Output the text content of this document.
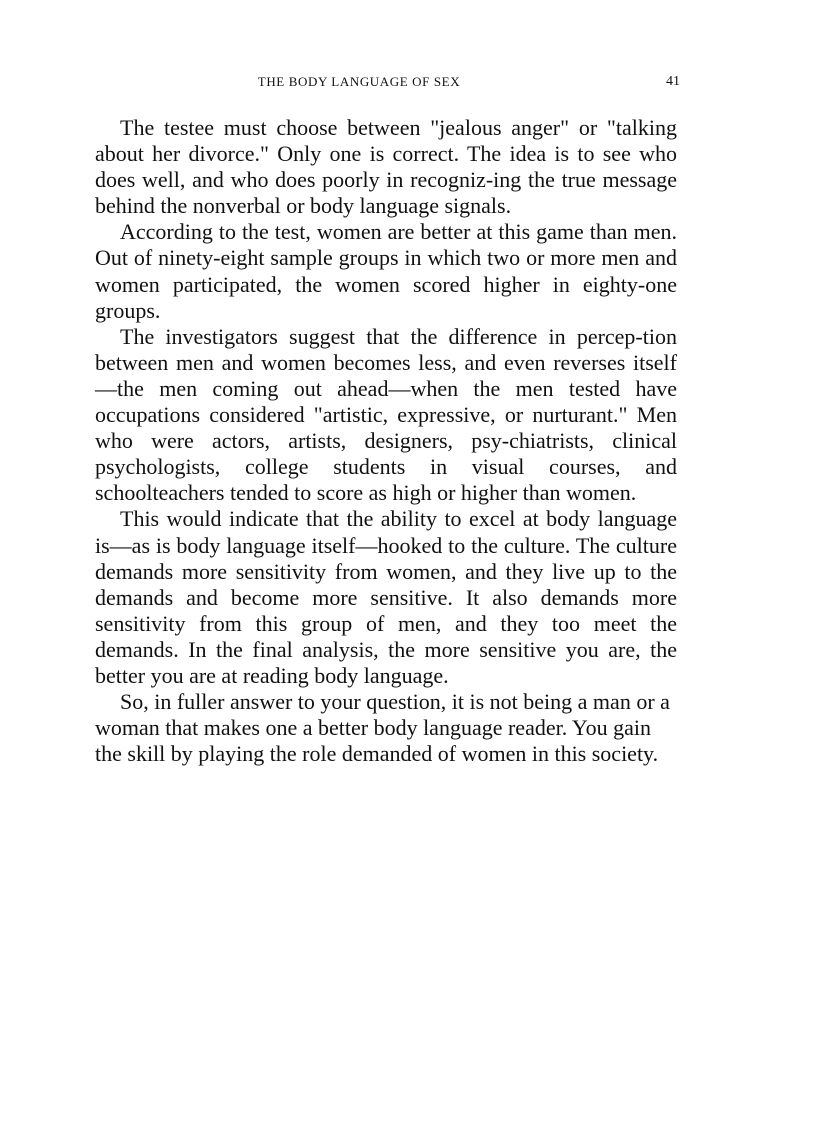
THE BODY LANGUAGE OF SEX	41

The testee must choose between "jealous anger" or "talking about her divorce." Only one is correct. The idea is to see who does well, and who does poorly in recogniz-ing the true message behind the nonverbal or body language signals.

According to the test, women are better at this game than men. Out of ninety-eight sample groups in which two or more men and women participated, the women scored higher in eighty-one groups.

The investigators suggest that the difference in percep-tion between men and women becomes less, and even reverses itself—the men coming out ahead—when the men tested have occupations considered "artistic, expressive, or nurturant." Men who were actors, artists, designers, psy-chiatrists, clinical psychologists, college students in visual courses, and schoolteachers tended to score as high or higher than women.

This would indicate that the ability to excel at body language is—as is body language itself—hooked to the culture. The culture demands more sensitivity from women, and they live up to the demands and become more sensitive. It also demands more sensitivity from this group of men, and they too meet the demands. In the final analysis, the more sensitive you are, the better you are at reading body language.

So, in fuller answer to your question, it is not being a man or a woman that makes one a better body language reader. You gain the skill by playing the role demanded of women in this society.
